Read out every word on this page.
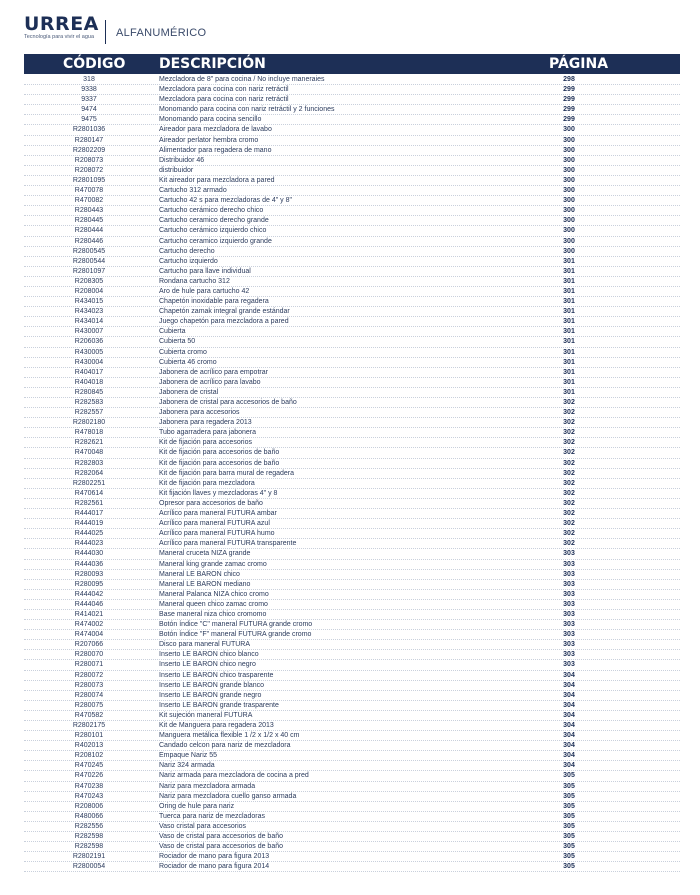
URREA
Tecnología para vivir el agua	ALFANUMÉRICO
CÓDIGO DESCRIPCIÓN	PÁGINA
318	Mezcladora de 8" para cocina / No incluye maneraies	298
9338	Mezcladora para cocina con nariz retráctil	299
9337	Mezcladora para cocina con nariz retráctil	299
9474	Monomando para cocina con nariz retráctil y 2 funciones	299
9475	Monomando para cocina sencillo	299
R2801036	Aireador para mezcladora de lavabo	300
R280147	Aireador perlator hembra cromo	300
R2802209	Alimentador para regadera de mano	300
R208073	Distribuidor 46	300
R208072	distribuidor	300
R2801095	Kit aireador para mezcladora a pared	300
R470078	Cartucho 312 armado	300
R470082	Cartucho 42 s para mezcladoras de 4" y 8"	300
R280443	Cartucho cerámico derecho chico	300
R280445	Cartucho ceramico derecho grande	300
R280444	Cartucho cerámico izquierdo chico	300
R280446	Cartucho ceramico izquierdo grande	300
R2800545	Cartucho derecho	300
R2800544	Cartucho izquierdo	301
R2801097	Cartucho para llave individual	301
R208305	Rondana cartucho 312	301
R208004	Aro de hule para cartucho 42	301
R434015	Chapetón inoxidable para regadera	301
R434023	Chapetón zamak integral grande estándar	301
R434014	Juego chapetón para mezcladora a pared	301
R430007	Cubierta	301
R206036	Cubierta 50	301
R430005	Cubierta cromo	301
R430004	Cubierta 46 cromo	301
R404017	Jabonera de acrílico para empotrar	301
R404018	Jabonera de acrílico para lavabo	301
R280845	Jabonera de cristal	301
R282583	Jabonera de cristal para accesorios de baño	302
R282557	Jabonera para accesorios	302
R2802180	Jabonera para regadera 2013	302
R478018	Tubo agarradera para jabonera	302
R282621	Kit de fijación para accesorios	302
R470048	Kit de fijación para accesorios de baño	302
R282803	Kit de fijación para accesorios de baño	302
R282064	Kit de fijación para barra mural de regadera	302
R2802251	Kit de fijación para mezcladora	302
R470614	Kit fijación llaves y mezcladoras 4" y 8	302
R282561	Opresor para accesorios de baño	302
R444017	Acrílico para maneral FUTURA ambar	302
R444019	Acrílico para maneral FUTURA azul	302
R444025	Acrílico para maneral FUTURA humo	302
R444023	Acrílico para maneral FUTURA transparente	302
R444030	Maneral cruceta NIZA grande	303
R444036	Maneral king grande zamac cromo	303
R280093	Maneral LE BARON chico	303
R280095	Maneral LE BARON mediano	303
R444042	Maneral Palanca NIZA chico cromo	303
R444046	Maneral queen chico zamac cromo	303
R414021	Base maneral niza chico cromomo	303
R474002	Botón índice "C" maneral FUTURA grande cromo	303
R474004	Botón índice "F" maneral FUTURA grande cromo	303
R207066	Disco para maneral FUTURA	303
R280070	Inserto LE BARON chico blanco	303
R280071	Inserto LE BARON chico negro	303
R280072	Inserto LE BARON chico trasparente	304
R280073	Inserto LE BARON grande blanco	304
R280074	Inserto LE BARON grande negro	304
R280075	Inserto LE BARON grande trasparente	304
R470582	Kit sujeción maneral FUTURA	304
R2802175	Kit de Manguera para regadera 2013	304
R280101	Manguera metálica flexible 1 /2 x 1/2 x 40 cm	304
R402013	Candado celcon para nariz de mezcladora	304
R208102	Empaque Nariz 55	304
R470245	Nariz 324 armada	304
R470226	Nariz armada para mezcladora de cocina a pred	305
R470238	Nariz para mezcladora armada	305
R470243	Nariz para mezcladora cuello ganso armada	305
R208006	Oring de hule para nariz	305
R480066	Tuerca para nariz de mezcladoras	305
R282556	Vaso cristal para accesorios	305
R282598	Vaso de cristal para accesorios de baño	305
R282598	Vaso de cristal para accesorios de baño	305
R2802191	Rociador de mano para figura 2013	305
R2800054	Rociador de mano para figura 2014	305
